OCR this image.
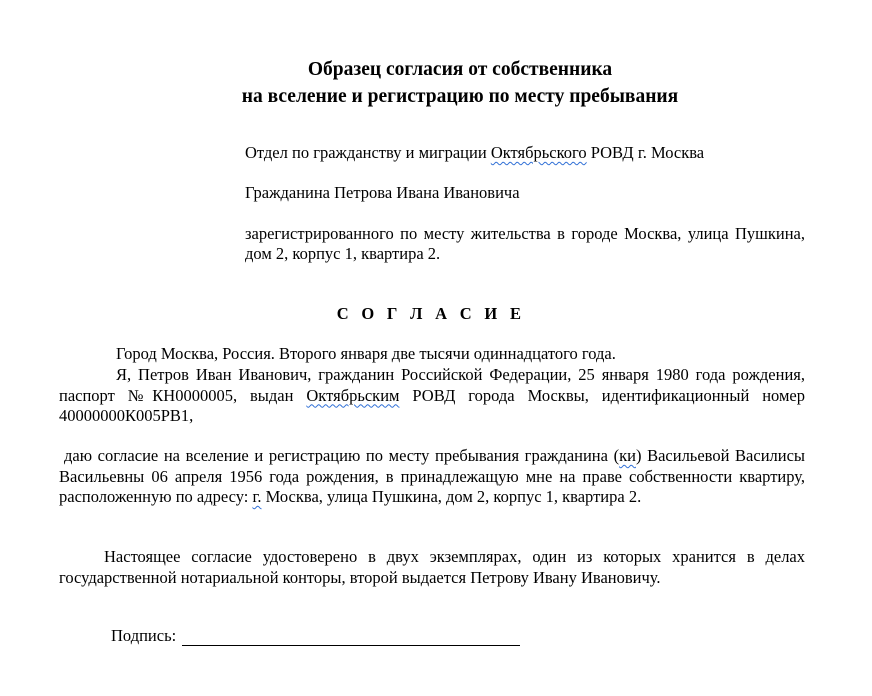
Образец согласия от собственника
на вселение и регистрацию по месту пребывания
Отдел по гражданству и миграции Октябрьского РОВД г. Москва
Гражданина Петрова Ивана Ивановича
зарегистрированного по месту жительства в городе Москва, улица Пушкина, дом 2, корпус 1, квартира 2.
С О Г Л А С И Е
Город Москва, Россия. Второго января две тысячи одиннадцатого года.
Я, Петров Иван Иванович, гражданин Российской Федерации, 25 января 1980 года рождения, паспорт №КН0000005, выдан Октябрьским РОВД города Москвы, идентификационный номер 40000000К005РВ1,
даю согласие на вселение и регистрацию по месту пребывания гражданина (ки) Васильевой Василисы Васильевны 06 апреля 1956 года рождения, в принадлежащую мне на праве собственности квартиру, расположенную по адресу: г. Москва, улица Пушкина, дом 2, корпус 1, квартира 2.
Настоящее согласие удостоверено в двух экземплярах, один из которых хранится в делах государственной нотариальной конторы, второй выдается Петрову Ивану Ивановичу.
Подпись:
